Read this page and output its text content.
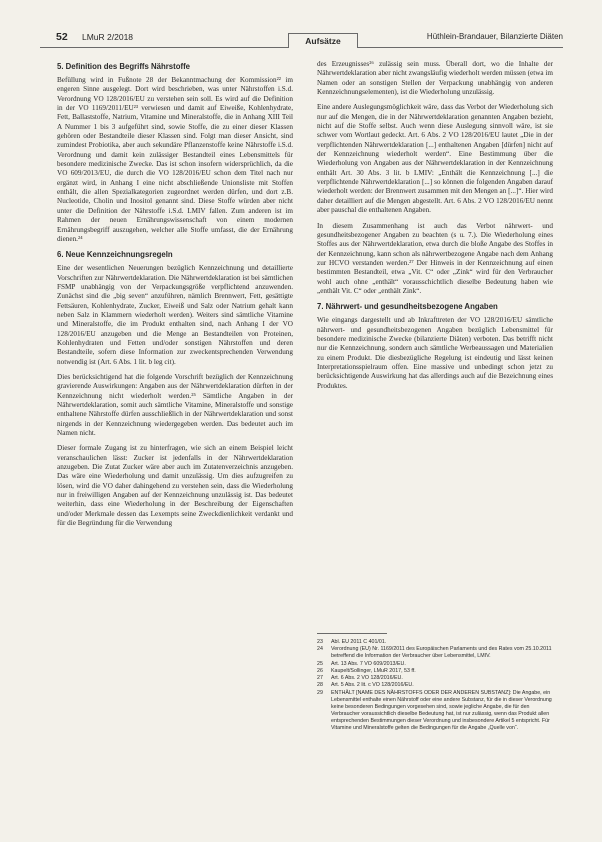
52 LMuR 2/2018	Aufsätze	Hüthlein-Brandauer, Bilanzierte Diäten
5. Definition des Begriffs Nährstoffe

Befüllung wird in Fußnote 28 der Bekanntmachung der Kommission²² im engeren Sinne ausgelegt. Dort wird beschrieben, was unter Nährstoffen i.S.d. Verordnung VO 128/2016/EU zu verstehen sein soll. Es wird auf die Definition in der VO 1169/2011/EU²³ verwiesen und damit auf Eiweiße, Kohlenhydrate, Fett, Ballaststoffe, Natrium, Vitamine und Mineralstoffe, die in Anhang XIII Teil A Nummer 1 bis 3 aufgeführt sind, sowie Stoffe, die zu einer dieser Klassen gehören oder Bestandteile dieser Klassen sind. Folgt man dieser Ansicht, sind zumindest Probiotika, aber auch sekundäre Pflanzenstoffe keine Nährstoffe i.S.d. Verordnung und damit kein zulässiger Bestandteil eines Lebensmittels für besondere medizinische Zwecke. Das ist schon insofern widersprüchlich, da die VO 609/2013/EU, die durch die VO 128/2016/EU schon dem Titel nach nur ergänzt wird, in Anhang I eine nicht abschließende Unionsliste mit Stoffen enthält, die allen Spezialkategorien zugeordnet werden dürfen, und dort z.B. Nucleotide, Cholin und Inositol genannt sind. Diese Stoffe würden aber nicht unter die Definition der Nährstoffe i.S.d. LMIV fallen. Zum anderen ist im Rahmen der neuen Ernährungswissenschaft von einem modernen Ernährungsbegriff auszugehen, welcher alle Stoffe umfasst, die der Ernährung dienen.²⁴

6. Neue Kennzeichnungsregeln

Eine der wesentlichen Neuerungen bezüglich Kennzeichnung und detaillierte Vorschriften zur Nährwertdeklaration. Die Nährwertdeklaration ist bei sämtlichen FSMP unabhängig von der Verpackungsgröße verpflichtend anzuwenden. Zunächst sind die „big seven“ anzuführen, nämlich Brennwert, Fett, gesättigte Fettsäuren, Kohlenhydrate, Zucker, Eiweiß und Salz oder Natrium gehalt kann neben Salz in Klammern wiederholt werden). Weiters sind sämtliche Vitamine und Mineralstoffe, die im Produkt enthalten sind, nach Anhang I der VO 128/2016/EU anzugeben und die Menge an Bestandteilen von Proteinen, Kohlenhydraten und Fetten und/oder sonstigen Nährstoffen und deren Bestandteile, sofern diese Information zur zweckentsprechenden Verwendung notwendig ist (Art. 6 Abs. 1 lit. b leg cit).

Dies berücksichtigend hat die folgende Vorschrift bezüglich der Kennzeichnung gravierende Auswirkungen: Angaben aus der Nährwertdeklaration dürften in der Kennzeichnung nicht wiederholt werden.²⁵ Sämtliche Angaben in der Nährwertdeklaration, somit auch sämtliche Vitamine, Mineralstoffe und sonstige enthaltene Nährstoffe dürfen ausschließlich in der Nährwertdeklaration und sonst nirgends in der Kennzeichnung wiedergegeben werden. Das bedeutet auch im Namen nicht.

Dieser formale Zugang ist zu hinterfragen, wie sich an einem Beispiel leicht veranschaulichen lässt: Zucker ist jedenfalls in der Nährwertdeklaration anzugeben. Die Zutat Zucker wäre aber auch im Zutatenverzeichnis anzugeben. Das wäre eine Wiederholung und damit unzulässig. Um dies aufzugreifen zu lösen, wird die VO daher dahingehend zu verstehen sein, dass die Wiederholung nur in freiwilligen Angaben auf der Kennzeichnung unzulässig ist. Das bedeutet weiterhin, dass eine Wiederholung in der Beschreibung der Eigenschaften und/oder Merkmale dessen das Lexempts seine Zweckdienlichkeit verdankt und für die Begründung für die Verwendung

des Erzeugnisses²⁶ zulässig sein muss. Überall dort, wo die Inhalte der Nährwertdeklaration aber nicht zwangsläufig wiederholt werden müssen (etwa im Namen oder an sonstigen Stellen der Verpackung unabhängig von anderen Kennzeichnungselementen), ist die Wiederholung unzulässig.

Eine andere Auslegungsmöglichkeit wäre, dass das Verbot der Wiederholung sich nur auf die Mengen, die in der Nährwertdeklaration genannten Angaben bezieht, nicht auf die Stoffe selbst. Auch wenn diese Auslegung sinnvoll wäre, ist sie schwer vom Wortlaut gedeckt. Art. 6 Abs. 2 VO 128/2016/EU lautet „Die in der verpflichtenden Nährwertdeklaration [...] enthaltenen Angaben [dürfen] nicht auf der Kennzeichnung wiederholt werden“. Eine Bestimmung über die Wiederholung von Angaben aus der Nährwertdeklaration in der Kennzeichnung enthält Art. 30 Abs. 3 lit. b LMIV: „Enthält die Kennzeichnung [...] die verpflichtende Nährwertdeklaration [...] so können die folgenden Angaben darauf wiederholt werden: der Brennwert zusammen mit den Mengen an [...]“. Hier wird daher detailliert auf die Mengen abgestellt. Art. 6 Abs. 2 VO 128/2016/EU nennt aber pauschal die enthaltenen Angaben.

In diesem Zusammenhang ist auch das Verbot nährwert- und gesundheitsbezogener Angaben zu beachten (s u. 7.). Die Wiederholung eines Stoffes aus der Nährwertdeklaration, etwa durch die bloße Angabe des Stoffes in der Kennzeichnung, kann schon als nährwertbezogene Angabe nach dem Anhang zur HCVO verstanden werden.²⁷ Der Hinweis in der Kennzeichnung auf einen bestimmten Bestandteil, etwa „Vit. C“ oder „Zink“ wird für den Verbraucher wohl auch ohne „enthält“ vorausschichtlich dieselbe Bedeutung haben wie „enthält Vit. C“ oder „enthält Zink“.

7. Nährwert- und gesundheitsbezogene Angaben

Wie eingangs dargestellt und ab Inkrafttreten der VO 128/2016/EU sämtliche nährwert- und gesundheitsbezogenen Angaben bezüglich Lebensmittel für besondere medizinische Zwecke (bilanzierte Diäten) verboten. Das betrifft nicht nur die Kennzeichnung, sondern auch sämtliche Werbeaussagen und Materialien zu einem Produkt. Die diesbezügliche Regelung ist eindeutig und lässt keinen Interpretationsspielraum offen. Eine massive und unbedingt schon jetzt zu berücksichtigende Auswirkung hat das allerdings auch auf die Bezeichnung eines Produktes.

23 Abl. EU 2011 C 401/01.
24 Verordnung (EU) Nr. 1169/2011 des Europäischen Parlaments und des Rates vom 25.10.2011 betreffend die Information der Verbraucher über Lebensmittel, LMIV.
25 Art. 13 Abs. 7 VO 609/2013/EU.
26 Kaupelt/Sollinger, LMuR 2017, 53 ff.
27 Art. 6 Abs. 2 VO 128/2016/EU.
28 Art. 5 Abs. 2 lit. c VO 128/2016/EU.
29 ENTHÄLT [NAME DES NÄHRSTOFFS ODER DER ANDEREN SUBSTANZ]: Die Angabe, ein Lebensmittel enthalte einen Nährstoff oder eine andere Substanz, für die in dieser Verordnung keine besonderen Bedingungen vorgesehen sind, sowie jegliche Angabe, die für den Verbraucher voraussichtlich dieselbe Bedeutung hat, ist nur zulässig, wenn das Produkt allen entsprechenden Bestimmungen dieser Verordnung und insbesondere Artikel 5 entspricht. Für Vitamine und Mineralstoffe gelten die Bedingungen für die Angabe „Quelle von“.
